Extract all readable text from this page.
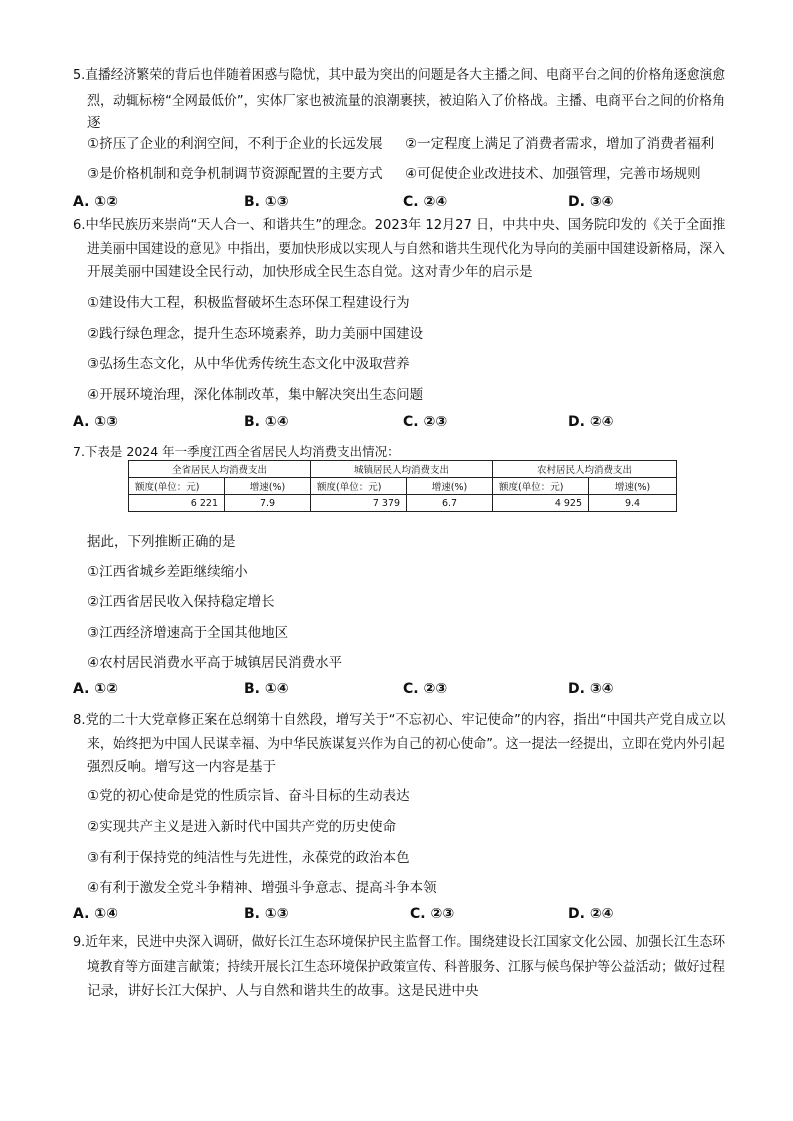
5.直播经济繁荣的背后也伴随着困惑与隐忧，其中最为突出的问题是各大主播之间、电商平台之间的价格角逐愈演愈
烈，动辄标榜“全网最低价”，实体厂家也被流量的浪潮裹挟，被迫陷入了价格战。主播、电商平台之间的价格角
逐
①挤压了企业的利润空间，不利于企业的长远发展 ②一定程度上满足了消费者需求，增加了消费者福利
③是价格机制和竞争机制调节资源配置的主要方式 ④可促使企业改进技术、加强管理，完善市场规则
A. ①②	B. ①③	C. ②④	D. ③④
6.中华民族历来崇尚“天人合一、和谐共生”的理念。2023年 12月27 日，中共中央、国务院印发的《关于全面推
进美丽中国建设的意见》中指出，要加快形成以实现人与自然和谐共生现代化为导向的美丽中国建设新格局，深入
开展美丽中国建设全民行动，加快形成全民生态自觉。这对青少年的启示是
①建设伟大工程，积极监督破坏生态环保工程建设行为
②践行绿色理念，提升生态环境素养，助力美丽中国建设
③弘扬生态文化，从中华优秀传统生态文化中汲取营养
④开展环境治理，深化体制改革，集中解决突出生态问题
A. ①③	B. ①④	C. ②③	D. ②④
7.下表是 2024 年一季度江西全省居民人均消费支出情况：
全省居民人均消费支出		城镇居民人均消费支出		农村居民人均消费支出	
额度(单位：元)	增速(%)	额度(单位：元)	增速(%)	额度(单位：元)	增速(%)
6 221	7.9	7 379	6.7	4 925	9.4
据此，下列推断正确的是
①江西省城乡差距继续缩小
②江西省居民收入保持稳定增长
③江西经济增速高于全国其他地区
④农村居民消费水平高于城镇居民消费水平
A. ①②	B. ①④	C. ②③	D. ③④
8.党的二十大党章修正案在总纲第十自然段，增写关于“不忘初心、牢记使命”的内容，指出“中国共产党自成立以
来，始终把为中国人民谋幸福、为中华民族谋复兴作为自己的初心使命”。这一提法一经提出，立即在党内外引起
强烈反响。增写这一内容是基于
①党的初心使命是党的性质宗旨、奋斗目标的生动表达
②实现共产主义是进入新时代中国共产党的历史使命
③有利于保持党的纯洁性与先进性，永葆党的政治本色
④有利于激发全党斗争精神、增强斗争意志、提高斗争本领
A. ①④	B. ①③	C. ②③	D. ②④
9.近年来，民进中央深入调研，做好长江生态环境保护民主监督工作。围绕建设长江国家文化公园、加强长江生态环
境教育等方面建言献策；持续开展长江生态环境保护政策宣传、科普服务、江豚与候鸟保护等公益活动；做好过程
记录，讲好长江大保护、人与自然和谐共生的故事。这是民进中央
